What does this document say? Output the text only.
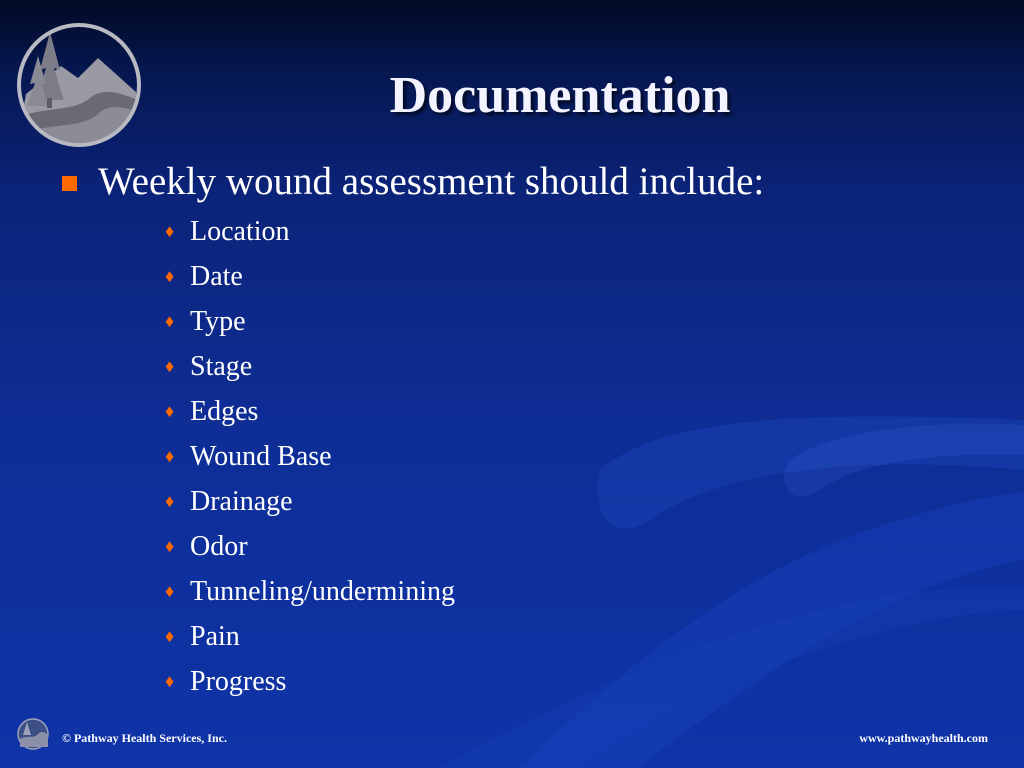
Documentation
Weekly wound assessment should include:
♦ Location
♦ Date
♦ Type
♦ Stage
♦ Edges
♦ Wound Base
♦ Drainage
♦ Odor
♦ Tunneling/undermining
♦ Pain
♦ Progress
© Pathway Health Services, Inc.	www.pathwayhealth.com
